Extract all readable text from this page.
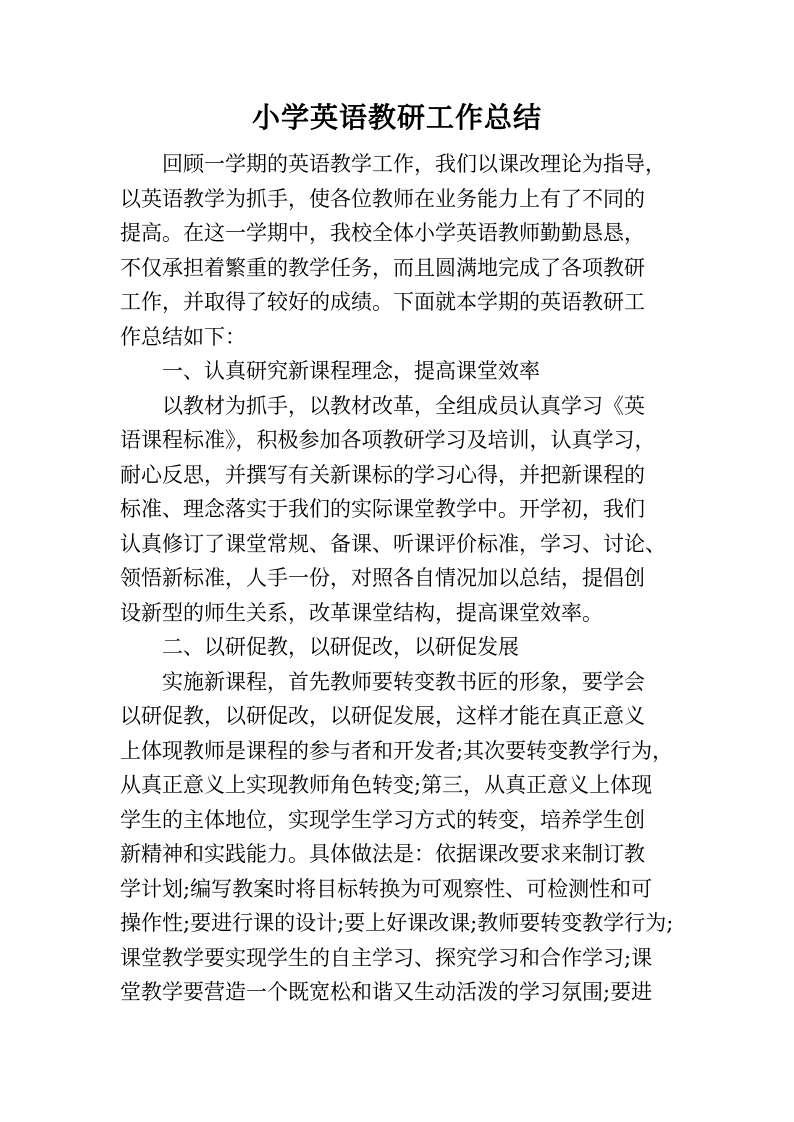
小学英语教研工作总结
回顾一学期的英语教学工作，我们以课改理论为指导，
以英语教学为抓手，使各位教师在业务能力上有了不同的
提高。在这一学期中，我校全体小学英语教师勤勤恳恳，
不仅承担着繁重的教学任务，而且圆满地完成了各项教研
工作，并取得了较好的成绩。下面就本学期的英语教研工
作总结如下：
一、认真研究新课程理念，提高课堂效率
以教材为抓手，以教材改革，全组成员认真学习《英
语课程标准》，积极参加各项教研学习及培训，认真学习，
耐心反思，并撰写有关新课标的学习心得，并把新课程的
标准、理念落实于我们的实际课堂教学中。开学初，我们
认真修订了课堂常规、备课、听课评价标准，学习、讨论、
领悟新标准，人手一份，对照各自情况加以总结，提倡创
设新型的师生关系，改革课堂结构，提高课堂效率。
二、以研促教，以研促改，以研促发展
实施新课程，首先教师要转变教书匠的形象，要学会
以研促教，以研促改，以研促发展，这样才能在真正意义
上体现教师是课程的参与者和开发者;其次要转变教学行为，
从真正意义上实现教师角色转变;第三，从真正意义上体现
学生的主体地位，实现学生学习方式的转变，培养学生创
新精神和实践能力。具体做法是：依据课改要求来制订教
学计划;编写教案时将目标转换为可观察性、可检测性和可
操作性;要进行课的设计;要上好课改课;教师要转变教学行为;
课堂教学要实现学生的自主学习、探究学习和合作学习;课
堂教学要营造一个既宽松和谐又生动活泼的学习氛围;要进
